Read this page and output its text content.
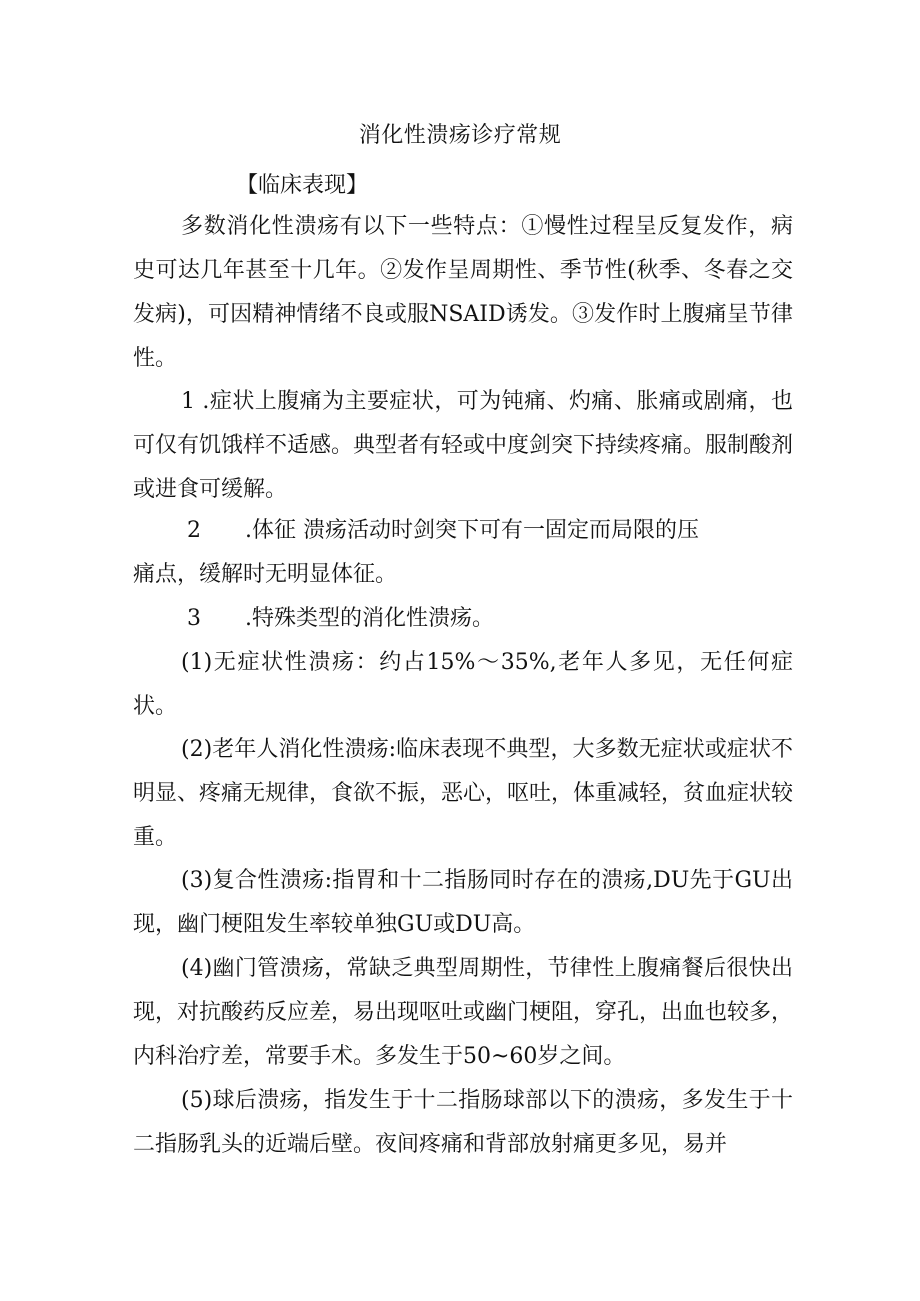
消化性溃疡诊疗常规
【临床表现】

多数消化性溃疡有以下一些特点：①慢性过程呈反复发作，病史可达几年甚至十几年。②发作呈周期性、季节性(秋季、冬春之交发病)，可因精神情绪不良或服NSAID诱发。③发作时上腹痛呈节律性。

1 .症状上腹痛为主要症状，可为钝痛、灼痛、胀痛或剧痛，也可仅有饥饿样不适感。典型者有轻或中度剑突下持续疼痛。服制酸剂或进食可缓解。

2 .体征 溃疡活动时剑突下可有一固定而局限的压
痛点，缓解时无明显体征。
3 .特殊类型的消化性溃疡。

(1)无症状性溃疡：约占15%～35%,老年人多见，无任何症状。

(2)老年人消化性溃疡:临床表现不典型，大多数无症状或症状不明显、疼痛无规律，食欲不振，恶心，呕吐，体重减轻，贫血症状较重。

(3)复合性溃疡:指胃和十二指肠同时存在的溃疡,DU先于GU出现，幽门梗阻发生率较单独GU或DU高。

(4)幽门管溃疡，常缺乏典型周期性，节律性上腹痛餐后很快出现，对抗酸药反应差，易出现呕吐或幽门梗阻，穿孔，出血也较多，内科治疗差，常要手术。多发生于50~60岁之间。

(5)球后溃疡，指发生于十二指肠球部以下的溃疡，多发生于十二指肠乳头的近端后壁。夜间疼痛和背部放射痛更多见，易并
